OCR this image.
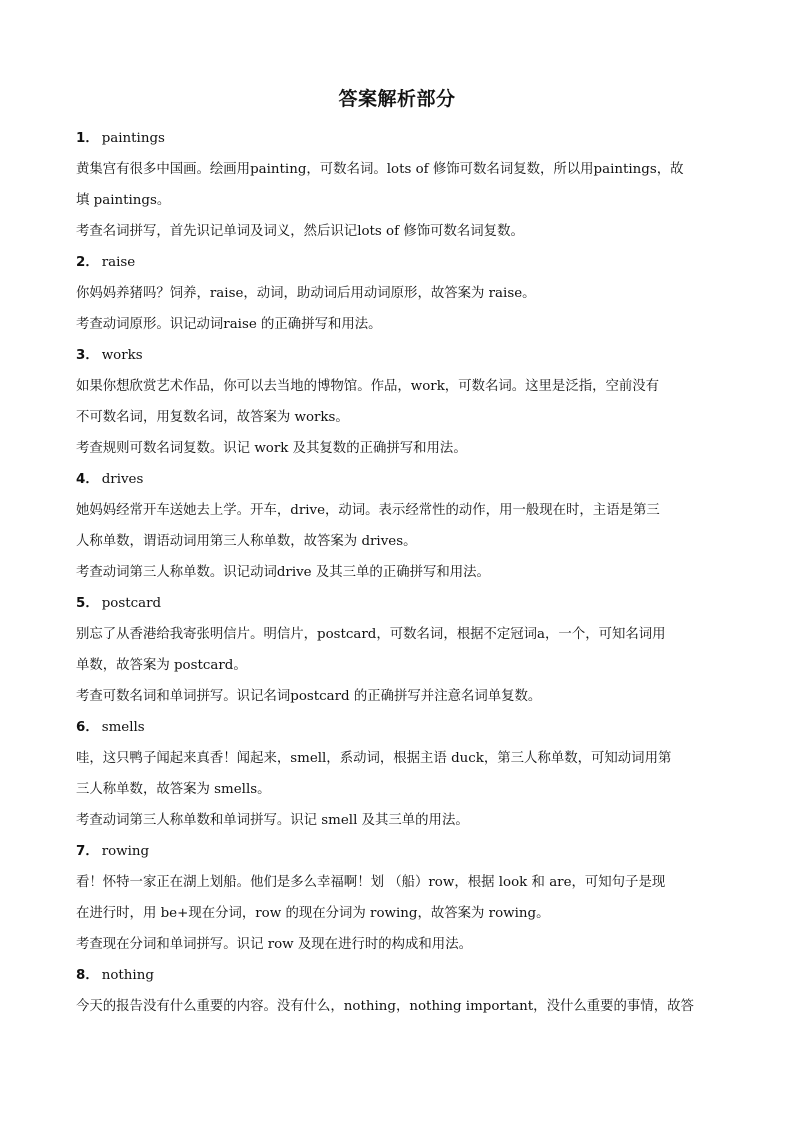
答案解析部分
1． paintings
黄集宫有很多中国画。绘画用painting，可数名词。lots of 修饰可数名词复数，所以用paintings，故
填 paintings。
考查名词拼写，首先识记单词及词义，然后识记lots of 修饰可数名词复数。
2． raise
你妈妈养猪吗？饲养，raise，动词，助动词后用动词原形，故答案为 raise。
考查动词原形。识记动词raise 的正确拼写和用法。
3． works
如果你想欣赏艺术作品，你可以去当地的博物馆。作品，work，可数名词。这里是泛指，空前没有
不可数名词，用复数名词，故答案为 works。
考查规则可数名词复数。识记 work 及其复数的正确拼写和用法。
4． drives
她妈妈经常开车送她去上学。开车，drive，动词。表示经常性的动作，用一般现在时，主语是第三
人称单数，谓语动词用第三人称单数，故答案为 drives。
考查动词第三人称单数。识记动词drive 及其三单的正确拼写和用法。
5． postcard
别忘了从香港给我寄张明信片。明信片，postcard，可数名词，根据不定冠词a，一个，可知名词用
单数，故答案为 postcard。
考查可数名词和单词拼写。识记名词postcard 的正确拼写并注意名词单复数。
6． smells
哇，这只鸭子闻起来真香！闻起来，smell，系动词，根据主语 duck，第三人称单数，可知动词用第
三人称单数，故答案为 smells。
考查动词第三人称单数和单词拼写。识记 smell 及其三单的用法。
7． rowing
看！怀特一家正在湖上划船。他们是多么幸福啊！划 （船）row，根据 look 和 are，可知句子是现
在进行时，用 be+现在分词，row 的现在分词为 rowing，故答案为 rowing。
考查现在分词和单词拼写。识记 row 及现在进行时的构成和用法。
8． nothing
今天的报告没有什么重要的内容。没有什么，nothing，nothing important，没什么重要的事情，故答
